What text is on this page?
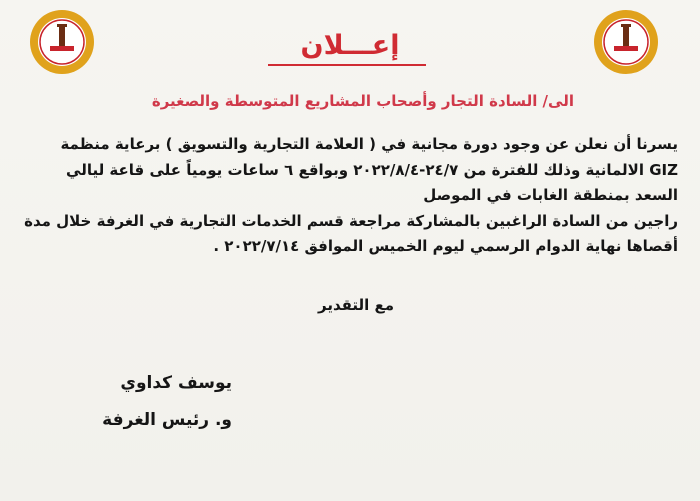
إعـــلان
الى/ السادة التجار وأصحاب المشاريع المتوسطة والصغيرة

يسرنا أن نعلن عن وجود دورة مجانية في ( العلامة التجارية والتسويق ) برعاية منظمة

GIZ الالمانية وذلك للفترة من ٢٤/٧-٢٠٢٢/٨/٤ وبواقع ٦ ساعات يومياً على قاعة ليالي

السعد بمنطقة الغابات في الموصل

راجين من السادة الراغبين بالمشاركة مراجعة قسم الخدمات التجارية في الغرفة خلال مدة

أقصاها نهاية الدوام الرسمي ليوم الخميس الموافق ٢٠٢٢/٧/١٤ .

مع التقدير
يوسف كداوي
و. رئيس الغرفة
